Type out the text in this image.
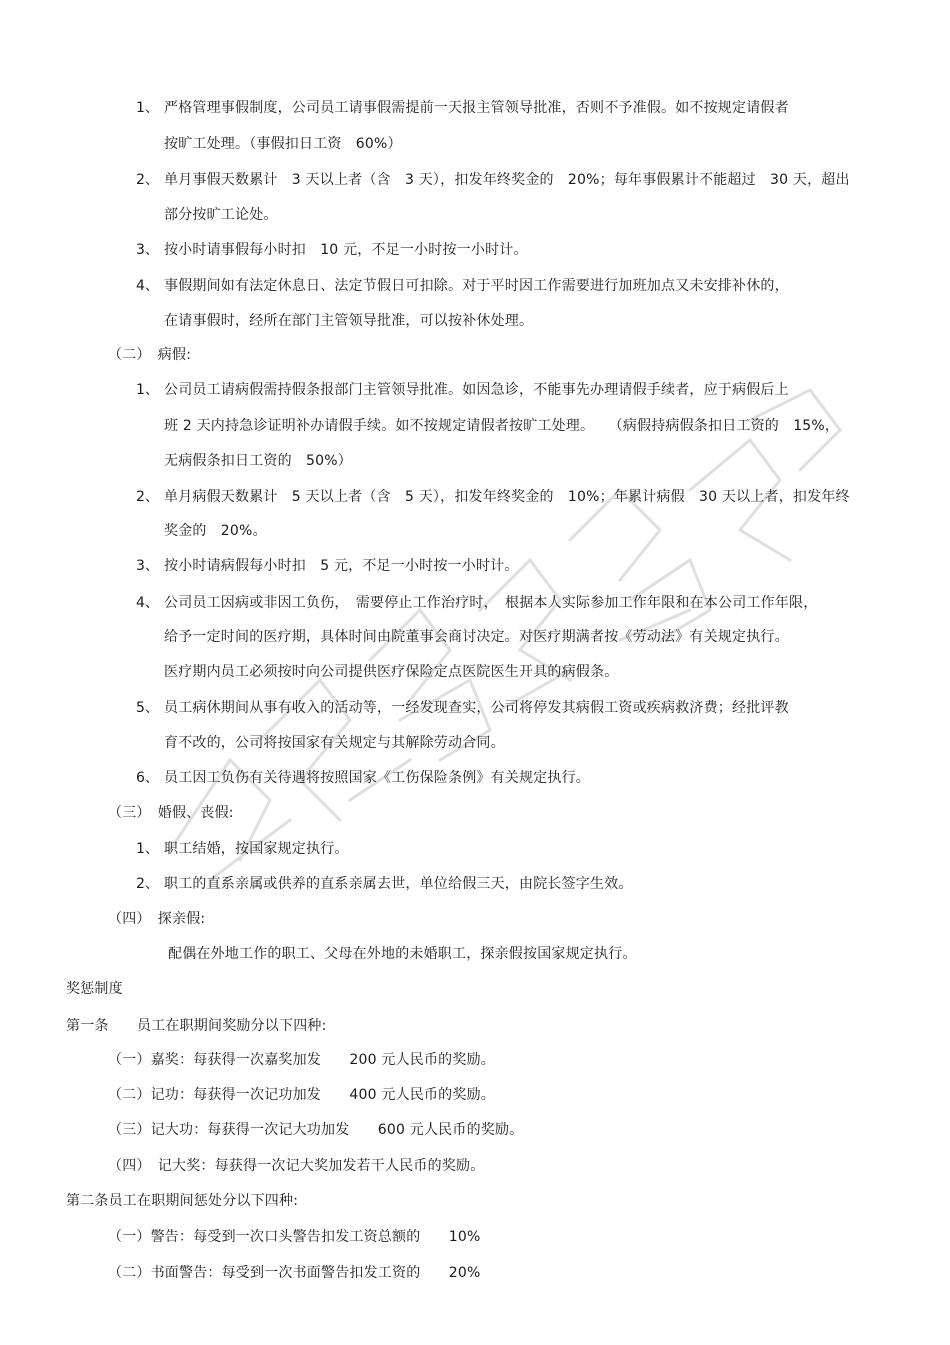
1、 严格管理事假制度，公司员工请事假需提前一天报主管领导批准，否则不予准假。如不按规定请假者
按旷工处理。（事假扣日工资　60%）
2、 单月事假天数累计　3 天以上者（含　3 天），扣发年终奖金的　20%；每年事假累计不能超过　30 天，超出
部分按旷工论处。
3、 按小时请事假每小时扣　10 元，不足一小时按一小时计。
4、 事假期间如有法定休息日、法定节假日可扣除。对于平时因工作需要进行加班加点又未安排补休的，
在请事假时，经所在部门主管领导批准，可以按补休处理。
（二）　病假:
1、 公司员工请病假需持假条报部门主管领导批准。如因急诊，不能事先办理请假手续者，应于病假后上
班 2 天内持急诊证明补办请假手续。如不按规定请假者按旷工处理。　　（病假持病假条扣日工资的　15%，
无病假条扣日工资的　50%）
2、 单月病假天数累计　5 天以上者（含　5 天），扣发年终奖金的　10%；年累计病假　30 天以上者，扣发年终
奖金的　20%。
3、 按小时请病假每小时扣　5 元，不足一小时按一小时计。
4、 公司员工因病或非因工负伤，　需要停止工作治疗时，　根据本人实际参加工作年限和在本公司工作年限，
给予一定时间的医疗期，具体时间由院董事会商讨决定。对医疗期满者按《劳动法》有关规定执行。
医疗期内员工必须按时向公司提供医疗保险定点医院医生开具的病假条。
5、 员工病休期间从事有收入的活动等，一经发现查实，公司将停发其病假工资或疾病救济费；经批评教
育不改的，公司将按国家有关规定与其解除劳动合同。
6、 员工因工负伤有关待遇将按照国家《工伤保险条例》有关规定执行。
（三）　婚假、丧假:
1、 职工结婚，按国家规定执行。
2、 职工的直系亲属或供养的直系亲属去世，单位给假三天，由院长签字生效。
（四）　探亲假:
配偶在外地工作的职工、父母在外地的未婚职工，探亲假按国家规定执行。
奖惩制度
第一条　　员工在职期间奖励分以下四种:
（一）嘉奖：每获得一次嘉奖加发　　200 元人民币的奖励。
（二）记功：每获得一次记功加发　　400 元人民币的奖励。
（三）记大功：每获得一次记大功加发　　600 元人民币的奖励。
（四）　记大奖：每获得一次记大奖加发若干人民币的奖励。
第二条员工在职期间惩处分以下四种:
（一）警告：每受到一次口头警告扣发工资总额的　　10%
（二）书面警告：每受到一次书面警告扣发工资的　　20%
